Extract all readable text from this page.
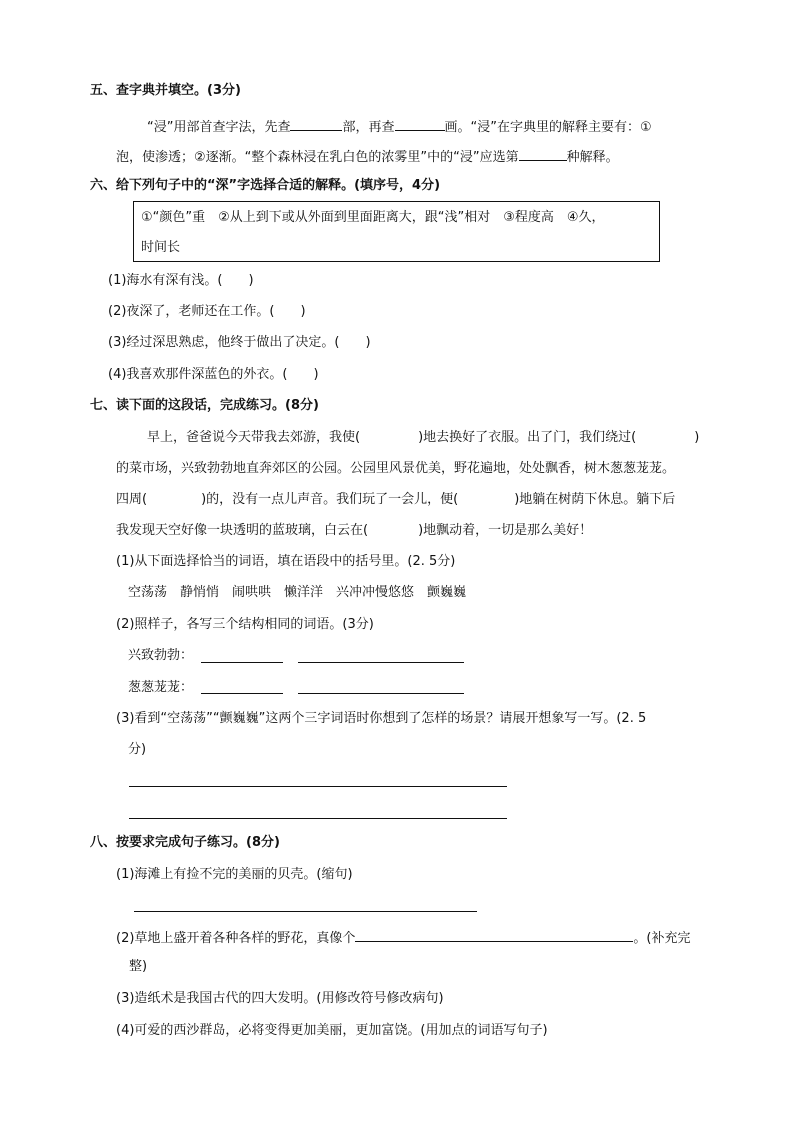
五、查字典并填空。(3分)
“浸”用部首查字法，先查	部，再查	画。“浸”在字典里的解释主要有：①
泡，使渗透；②逐渐。“整个森林浸在乳白色的浓雾里”中的“浸”应选第	种解释。
六、给下列句子中的“深”字选择合适的解释。(填序号，4分)
①“颜色”重　②从上到下或从外面到里面距离大，跟“浅”相对　③程度高　④久，
时间长
(1)海水有深有浅。(　　)
(2)夜深了，老师还在工作。(　　)
(3)经过深思熟虑，他终于做出了决定。(　　)
(4)我喜欢那件深蓝色的外衣。(　　)
七、读下面的这段话，完成练习。(8分)
早上，爸爸说今天带我去郊游，我使(	)地去换好了衣服。出了门，我们绕过(	)
的菜市场，兴致勃勃地直奔郊区的公园。公园里风景优美，野花遍地，处处飘香，树木葱葱茏茏。
四周(	)的，没有一点儿声音。我们玩了一会儿，便(	)地躺在树荫下休息。躺下后
我发现天空好像一块透明的蓝玻璃，白云在(	)地飘动着，一切是那么美好！
(1)从下面选择恰当的词语，填在语段中的括号里。(2. 5分)
空荡荡　静悄悄　闹哄哄　懒洋洋　兴冲冲慢悠悠　颤巍巍
(2)照样子，各写三个结构相同的词语。(3分)
兴致勃勃：
葱葱茏茏：
(3)看到“空荡荡”“颤巍巍”这两个三字词语时你想到了怎样的场景？请展开想象写一写。(2. 5
分)
八、按要求完成句子练习。(8分)
(1)海滩上有捡不完的美丽的贝壳。(缩句)
(2)草地上盛开着各种各样的野花，真像个	。(补充完
整)
(3)造纸术是我国古代的四大发明。(用修改符号修改病句)
(4)可爱的西沙群岛，必将变得更加美丽，更加富饶。(用加点的词语写句子)
